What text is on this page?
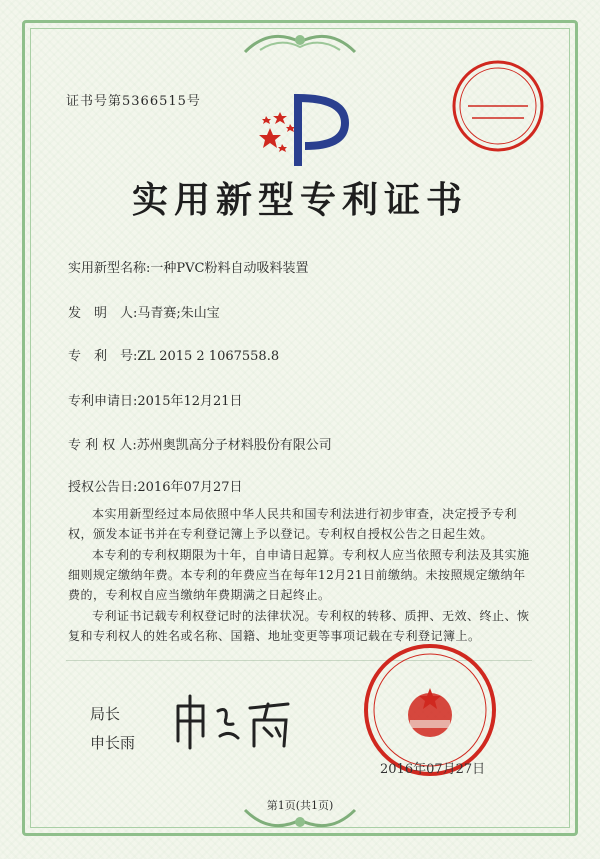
证书号第5366515号
实用新型专利证书
实用新型名称:一种PVC粉料自动吸料装置
发　明　人:马青赛;朱山宝
专　利　号:ZL 2015 2 1067558.8
专利申请日:2015年12月21日
专 利 权 人:苏州奥凯高分子材料股份有限公司
授权公告日:2016年07月27日
本实用新型经过本局依照中华人民共和国专利法进行初步审查，决定授予专利权，颁发本证书并在专利登记簿上予以登记。专利权自授权公告之日起生效。
本专利的专利权期限为十年，自申请日起算。专利权人应当依照专利法及其实施细则规定缴纳年费。本专利的年费应当在每年12月21日前缴纳。未按照规定缴纳年费的，专利权自应当缴纳年费期满之日起终止。
专利证书记载专利权登记时的法律状况。专利权的转移、质押、无效、终止、恢复和专利权人的姓名或名称、国籍、地址变更等事项记载在专利登记簿上。
局长
申长雨
2016年07月27日
第1页(共1页)
